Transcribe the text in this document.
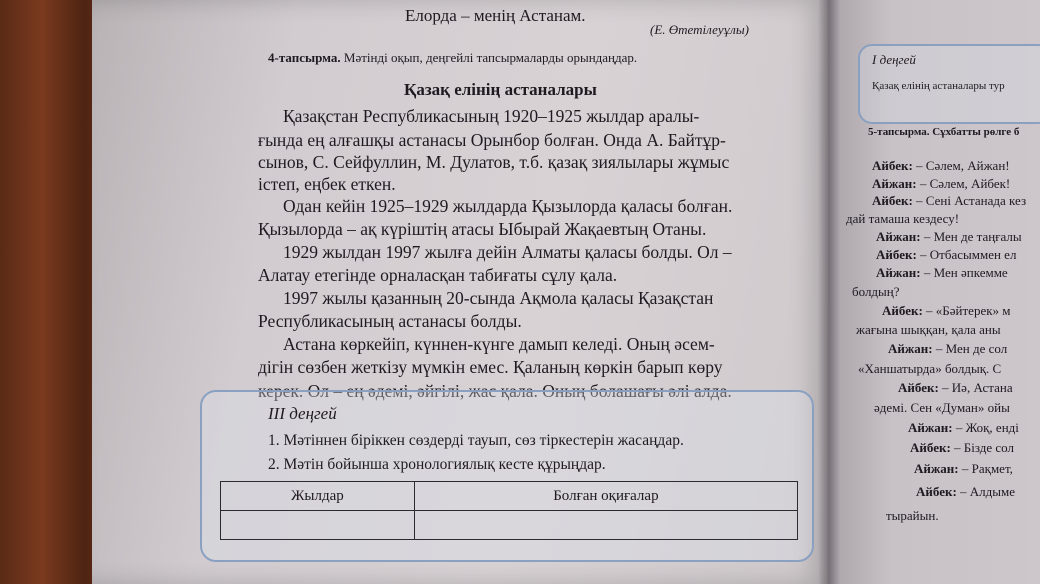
Елорда – менің Астанам.
(Е. Өтетілеуұлы)
4-тапсырма. Мәтінді оқып, деңгейлі тапсырмаларды орындаңдар.
Қазақ елінің астаналары
Қазақстан Республикасының 1920–1925 жылдар аралы-
ғында ең алғашқы астанасы Орынбор болған. Онда А. Байтұр-
сынов, С. Сейфуллин, М. Дулатов, т.б. қазақ зиялылары жұмыс
істеп, еңбек еткен.
Одан кейін 1925–1929 жылдарда Қызылорда қаласы болған.
Қызылорда – ақ күріштің атасы Ыбырай Жақаевтың Отаны.
1929 жылдан 1997 жылға дейін Алматы қаласы болды. Ол –
Алатау етегінде орналасқан табиғаты сұлу қала.
1997 жылы қазанның 20-сында Ақмола қаласы Қазақстан
Республикасының астанасы болды.
Астана көркейіп, күннен-күнге дамып келеді. Оның әсем-
дігін сөзбен жеткізу мүмкін емес. Қаланың көркін барып көру
керек. Ол – ең әдемі, әйгілі, жас қала. Оның болашағы әлі алда.
III деңгей
1. Мәтіннен біріккен сөздерді тауып, сөз тіркестерін жасаңдар.
2. Мәтін бойынша хронологиялық кесте құрыңдар.
Жылдар	Болған оқиғалар

I деңгей
Қазақ елінің астаналары тур
5-тапсырма. Сұхбатты рөлге б
Айбек: – Сәлем, Айжан!
Айжан: – Сәлем, Айбек!
Айбек: – Сені Астанада кез
дай тамаша кездесу!
Айжан: – Мен де таңғалы
Айбек: – Отбасыммен ел
Айжан: – Мен әпкемме
болдың?
Айбек: – «Бәйтерек» м
жағына шыққан, қала аны
Айжан: – Мен де сол
«Ханшатырда» болдық. С
Айбек: – Иә, Астана
әдемі. Сен «Думан» ойы
Айжан: – Жоқ, енді
Айбек: – Бізде сол
Айжан: – Рақмет,
Айбек: – Алдыме
тырайын.
